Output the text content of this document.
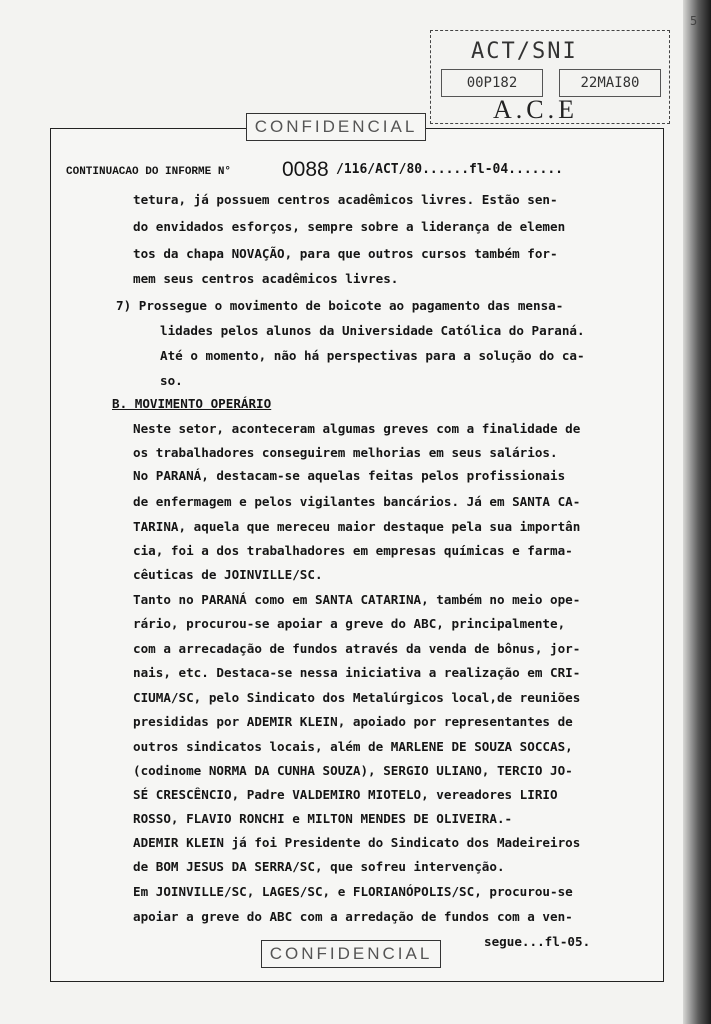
5
ACT/SNI
00P182	22MAI80
A.C.E
CONFIDENCIAL
CONTINUACAO DO INFORME N° 0088 /116/ACT/80......fl-04.......
tetura, já possuem centros acadêmicos livres. Estão sen-
do envidados esforços, sempre sobre a liderança de elemen
tos da chapa NOVAÇÃO, para que outros cursos também for-
mem seus centros acadêmicos livres.
7) Prossegue o movimento de boicote ao pagamento das mensa-
lidades pelos alunos da Universidade Católica do Paraná.
Até o momento, não há perspectivas para a solução do ca-
so.
B. MOVIMENTO OPERÁRIO
Neste setor, aconteceram algumas greves com a finalidade de
os trabalhadores conseguirem melhorias em seus salários.
No PARANÁ, destacam-se aquelas feitas pelos profissionais
de enfermagem e pelos vigilantes bancários. Já em SANTA CA-
TARINA, aquela que mereceu maior destaque pela sua importân
cia, foi a dos trabalhadores em empresas químicas e farma-
cêuticas de JOINVILLE/SC.
Tanto no PARANÁ como em SANTA CATARINA, também no meio ope-
rário, procurou-se apoiar a greve do ABC, principalmente,
com a arrecadação de fundos através da venda de bônus, jor-
nais, etc. Destaca-se nessa iniciativa a realização em CRI-
CIUMA/SC, pelo Sindicato dos Metalúrgicos local,de reuniões
presididas por ADEMIR KLEIN, apoiado por representantes de
outros sindicatos locais, além de MARLENE DE SOUZA SOCCAS,
(codinome NORMA DA CUNHA SOUZA), SERGIO ULIANO, TERCIO JO-
SÉ CRESCÊNCIO, Padre VALDEMIRO MIOTELO, vereadores LIRIO
ROSSO, FLAVIO RONCHI e MILTON MENDES DE OLIVEIRA.-
ADEMIR KLEIN já foi Presidente do Sindicato dos Madeireiros
de BOM JESUS DA SERRA/SC, que sofreu intervenção.
Em JOINVILLE/SC, LAGES/SC, e FLORIANÓPOLIS/SC, procurou-se
apoiar a greve do ABC com a arredação de fundos com a ven-
segue...fl-05.
CONFIDENCIAL
